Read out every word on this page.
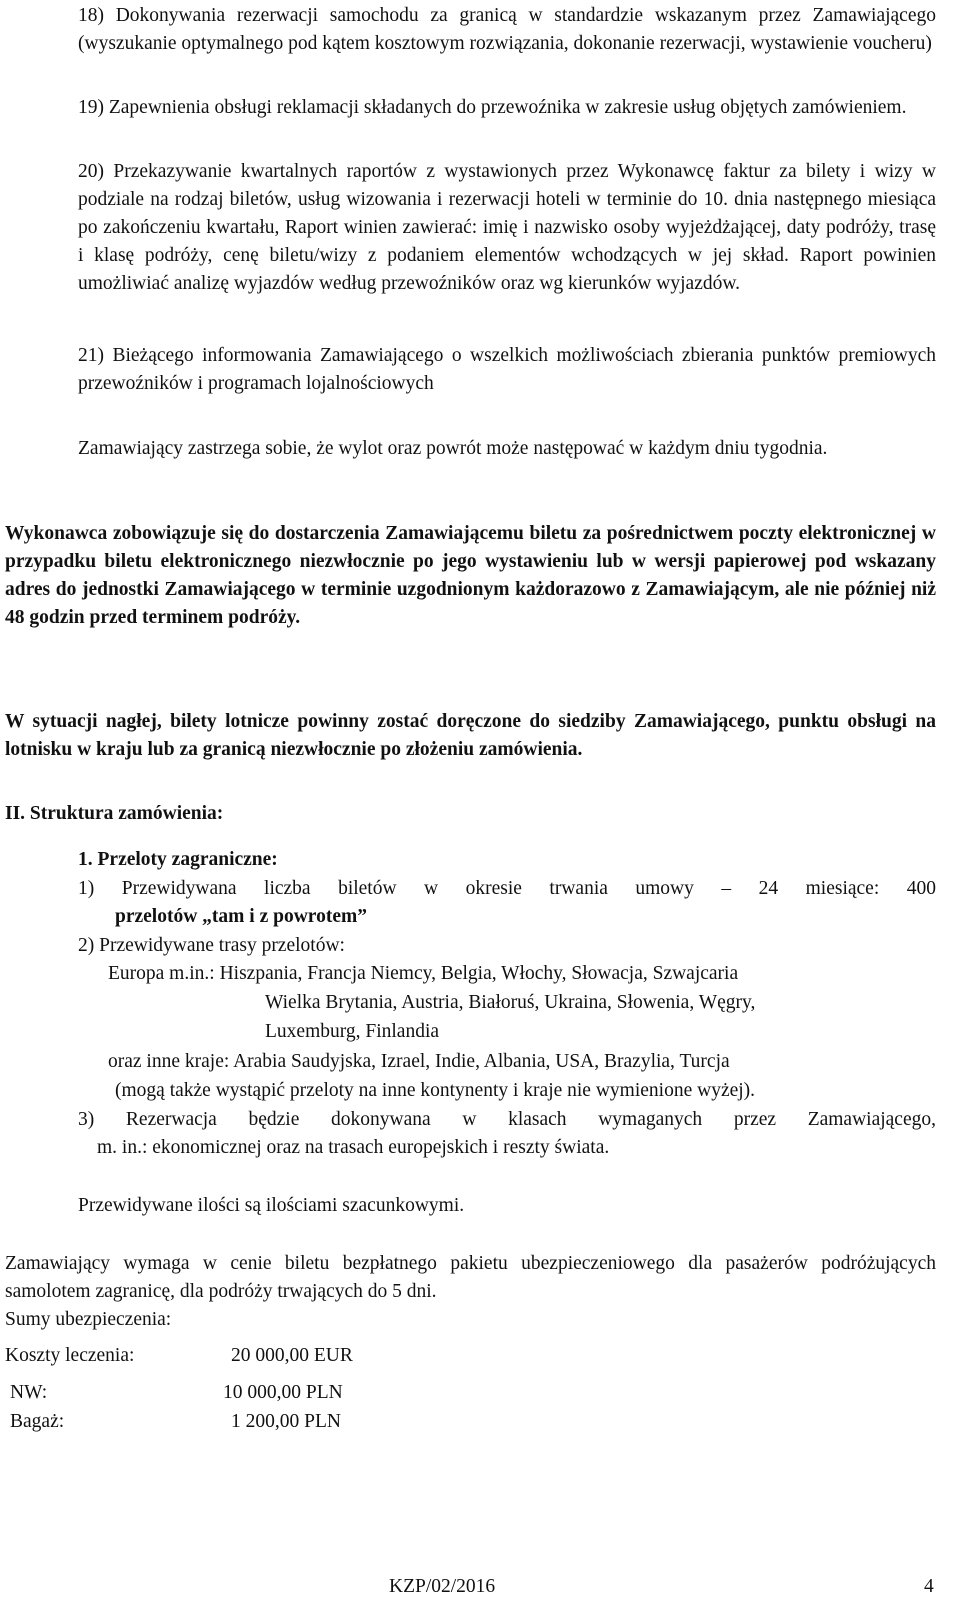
18) Dokonywania rezerwacji samochodu za granicą w standardzie wskazanym przez Zamawiającego (wyszukanie optymalnego pod kątem kosztowym rozwiązania, dokonanie rezerwacji, wystawienie voucheru)

19) Zapewnienia obsługi reklamacji składanych do przewoźnika w zakresie usług objętych zamówieniem.

20) Przekazywanie kwartalnych raportów z wystawionych przez Wykonawcę faktur za bilety i wizy w podziale na rodzaj biletów, usług wizowania i rezerwacji hoteli w terminie do 10. dnia następnego miesiąca po zakończeniu kwartału, Raport winien zawierać: imię i nazwisko osoby wyjeżdżającej, daty podróży, trasę i klasę podróży, cenę biletu/wizy z podaniem elementów wchodzących w jej skład. Raport powinien umożliwiać analizę wyjazdów według przewoźników oraz wg kierunków wyjazdów.

21) Bieżącego informowania Zamawiającego o wszelkich możliwościach zbierania punktów premiowych przewoźników i programach lojalnościowych

Zamawiający zastrzega sobie, że wylot oraz powrót może następować w każdym dniu tygodnia.

Wykonawca zobowiązuje się do dostarczenia Zamawiającemu biletu za pośrednictwem poczty elektronicznej w przypadku biletu elektronicznego niezwłocznie po jego wystawieniu lub w wersji papierowej pod wskazany adres do jednostki Zamawiającego w terminie uzgodnionym każdorazowo z Zamawiającym, ale nie później niż 48 godzin przed terminem podróży.

W sytuacji nagłej, bilety lotnicze powinny zostać doręczone do siedziby Zamawiającego, punktu obsługi na lotnisku w kraju lub za granicą niezwłocznie po złożeniu zamówienia.

II. Struktura zamówienia:

1. Przeloty zagraniczne:

1) Przewidywana liczba biletów w okresie trwania umowy – 24 miesiące: 400

przelotów „tam i z powrotem”

2) Przewidywane trasy przelotów:

Europa m.in.: Hiszpania, Francja Niemcy, Belgia, Włochy, Słowacja, Szwajcaria

Wielka Brytania, Austria, Białoruś, Ukraina, Słowenia, Węgry,

Luxemburg, Finlandia

oraz inne kraje: Arabia Saudyjska, Izrael, Indie, Albania, USA, Brazylia, Turcja

(mogą także wystąpić przeloty na inne kontynenty i kraje nie wymienione wyżej).

3) Rezerwacja będzie dokonywana w klasach wymaganych przez Zamawiającego,

m. in.: ekonomicznej oraz na trasach europejskich i reszty świata.

Przewidywane ilości są ilościami szacunkowymi.

Zamawiający wymaga w cenie biletu bezpłatnego pakietu ubezpieczeniowego dla pasażerów podróżujących samolotem zagranicę, dla podróży trwających do 5 dni.

Sumy ubezpieczenia:

Koszty leczenia:	20 000,00 EUR
NW:	10 000,00 PLN
Bagaż:	1 200,00 PLN
KZP/02/2016	4
